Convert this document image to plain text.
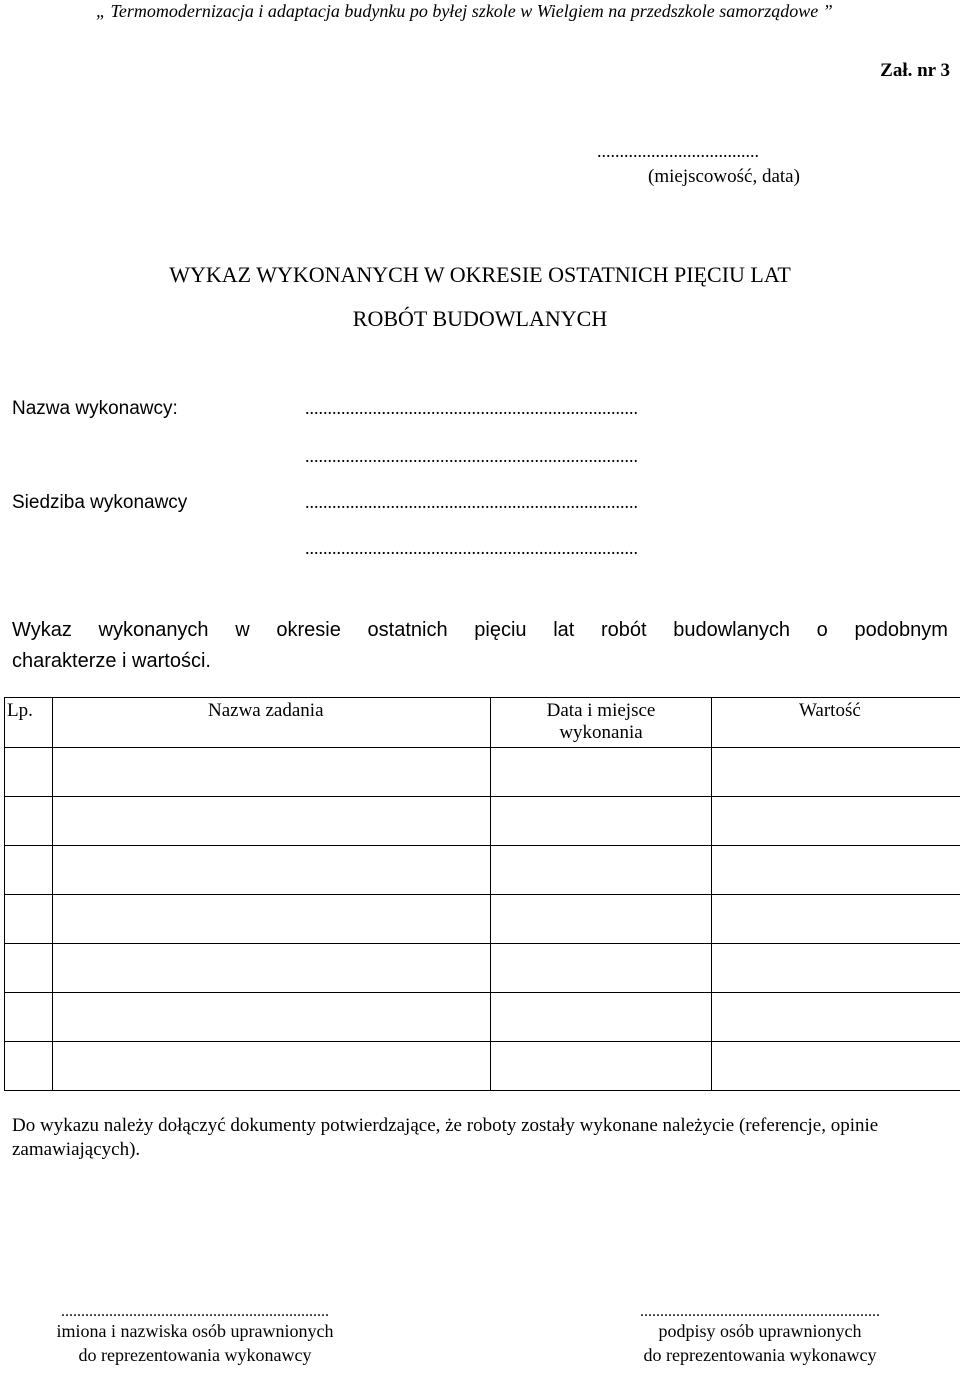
„ Termomodernizacja i adaptacja budynku po byłej szkole w Wielgiem na przedszkole samorządowe ”
Zał. nr 3
....................................
(miejscowość, data)
WYKAZ WYKONANYCH W OKRESIE OSTATNICH PIĘCIU LAT
ROBÓT BUDOWLANYCH
Nazwa wykonawcy:	..........................................................................
..........................................................................
Siedziba wykonawcy	..........................................................................
..........................................................................
Wykaz wykonanych w okresie ostatnich pięciu lat robót budowlanych o podobnym
charakterze i wartości.
Lp.	Nazwa zadania	Data i miejsce wykonania	Wartość

Do wykazu należy dołączyć dokumenty potwierdzające, że roboty zostały wykonane należycie (referencje, opinie zamawiających).
...................................................................
imiona i nazwiska osób uprawnionych
do reprezentowania wykonawcy
............................................................
podpisy osób uprawnionych
do reprezentowania wykonawcy
